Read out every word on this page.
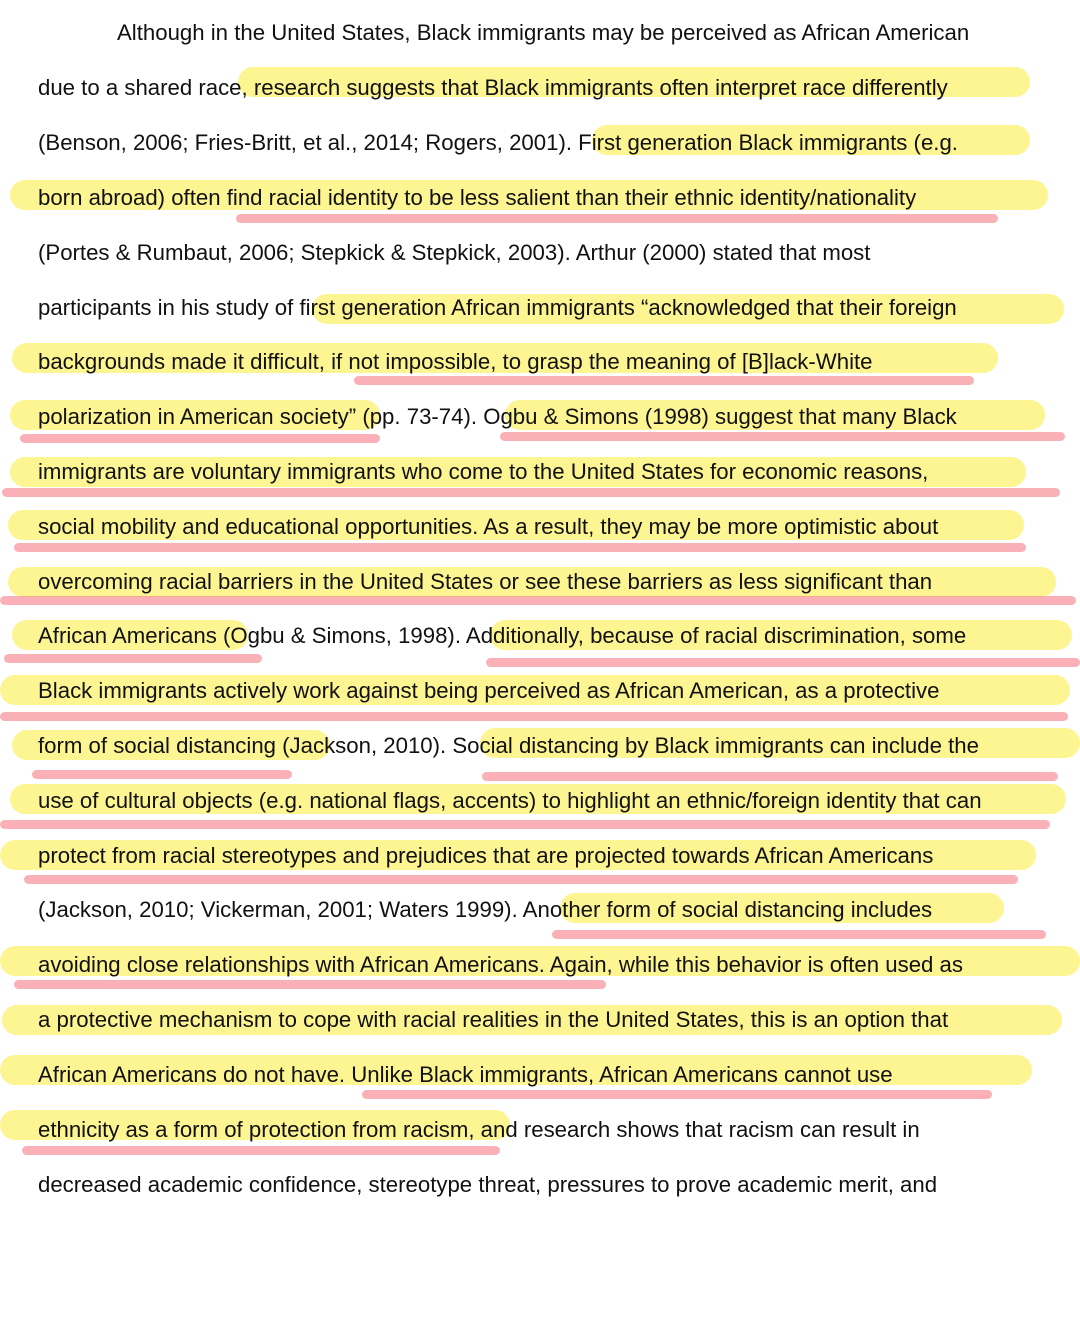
Although in the United States, Black immigrants may be perceived as African American
due to a shared race, research suggests that Black immigrants often interpret race differently
(Benson, 2006; Fries-Britt, et al., 2014; Rogers, 2001). First generation Black immigrants (e.g.
born abroad) often find racial identity to be less salient than their ethnic identity/nationality
(Portes & Rumbaut, 2006; Stepkick & Stepkick, 2003). Arthur (2000) stated that most
participants in his study of first generation African immigrants “acknowledged that their foreign
backgrounds made it difficult, if not impossible, to grasp the meaning of [B]lack-White
polarization in American society” (pp. 73-74). Ogbu & Simons (1998) suggest that many Black
immigrants are voluntary immigrants who come to the United States for economic reasons,
social mobility and educational opportunities. As a result, they may be more optimistic about
overcoming racial barriers in the United States or see these barriers as less significant than
African Americans (Ogbu & Simons, 1998). Additionally, because of racial discrimination, some
Black immigrants actively work against being perceived as African American, as a protective
form of social distancing (Jackson, 2010). Social distancing by Black immigrants can include the
use of cultural objects (e.g. national flags, accents) to highlight an ethnic/foreign identity that can
protect from racial stereotypes and prejudices that are projected towards African Americans
(Jackson, 2010; Vickerman, 2001; Waters 1999). Another form of social distancing includes
avoiding close relationships with African Americans. Again, while this behavior is often used as
a protective mechanism to cope with racial realities in the United States, this is an option that
African Americans do not have. Unlike Black immigrants, African Americans cannot use
ethnicity as a form of protection from racism, and research shows that racism can result in
decreased academic confidence, stereotype threat, pressures to prove academic merit, and
